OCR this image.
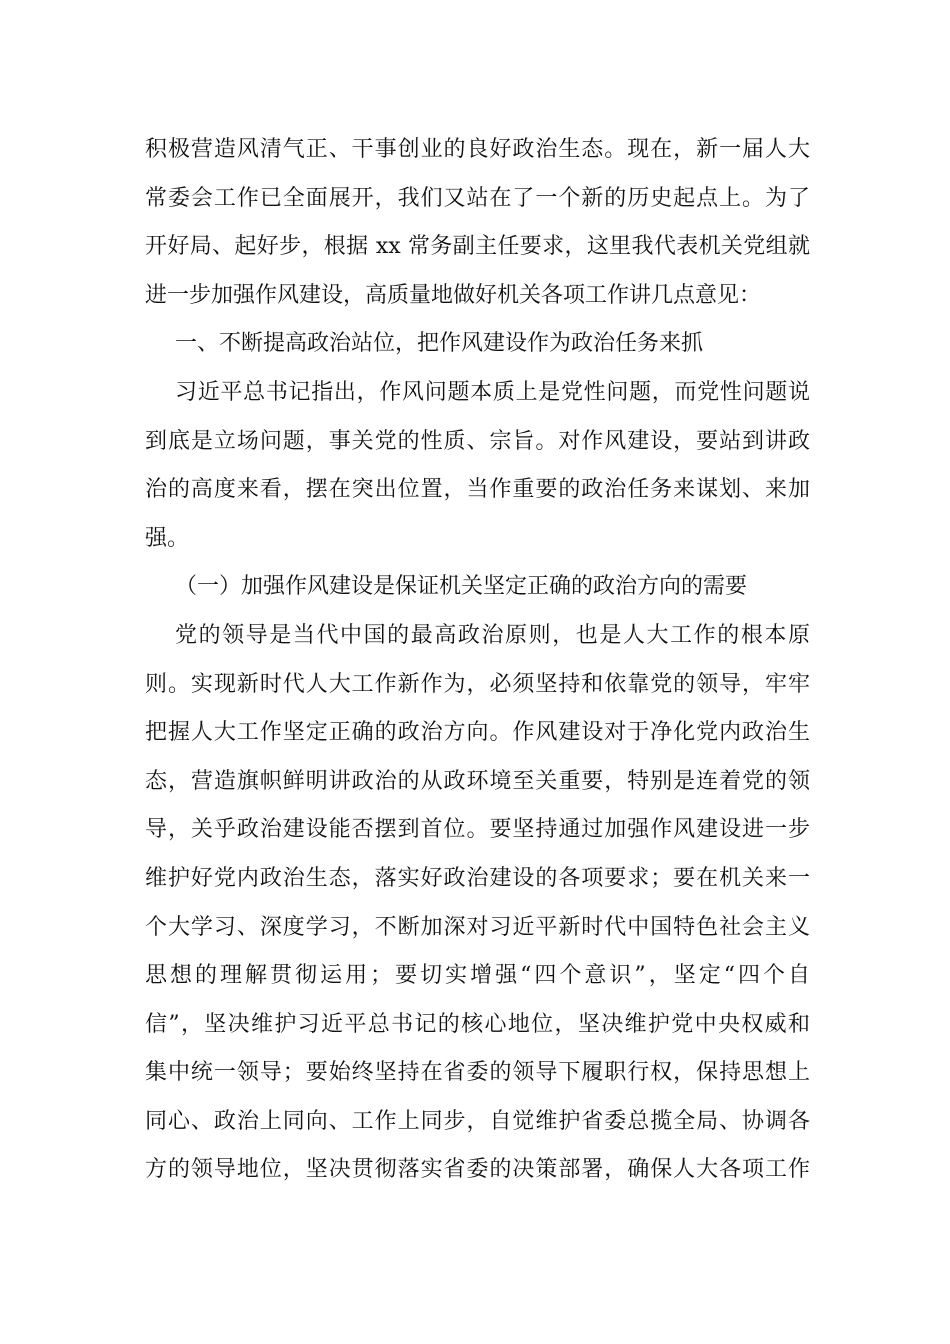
积极营造风清气正、干事创业的良好政治生态。现在，新一届人大
常委会工作已全面展开，我们又站在了一个新的历史起点上。为了
开好局、起好步，根据 xx 常务副主任要求，这里我代表机关党组就
进一步加强作风建设，高质量地做好机关各项工作讲几点意见：
一、不断提高政治站位，把作风建设作为政治任务来抓
习近平总书记指出，作风问题本质上是党性问题，而党性问题说
到底是立场问题，事关党的性质、宗旨。对作风建设，要站到讲政
治的高度来看，摆在突出位置，当作重要的政治任务来谋划、来加
强。
（一）加强作风建设是保证机关坚定正确的政治方向的需要
党的领导是当代中国的最高政治原则，也是人大工作的根本原
则。实现新时代人大工作新作为，必须坚持和依靠党的领导，牢牢
把握人大工作坚定正确的政治方向。作风建设对于净化党内政治生
态，营造旗帜鲜明讲政治的从政环境至关重要，特别是连着党的领
导，关乎政治建设能否摆到首位。要坚持通过加强作风建设进一步
维护好党内政治生态，落实好政治建设的各项要求；要在机关来一
个大学习、深度学习，不断加深对习近平新时代中国特色社会主义
思想的理解贯彻运用；要切实增强“四个意识”，坚定“四个自
信”，坚决维护习近平总书记的核心地位，坚决维护党中央权威和
集中统一领导；要始终坚持在省委的领导下履职行权，保持思想上
同心、政治上同向、工作上同步，自觉维护省委总揽全局、协调各
方的领导地位，坚决贯彻落实省委的决策部署，确保人大各项工作
